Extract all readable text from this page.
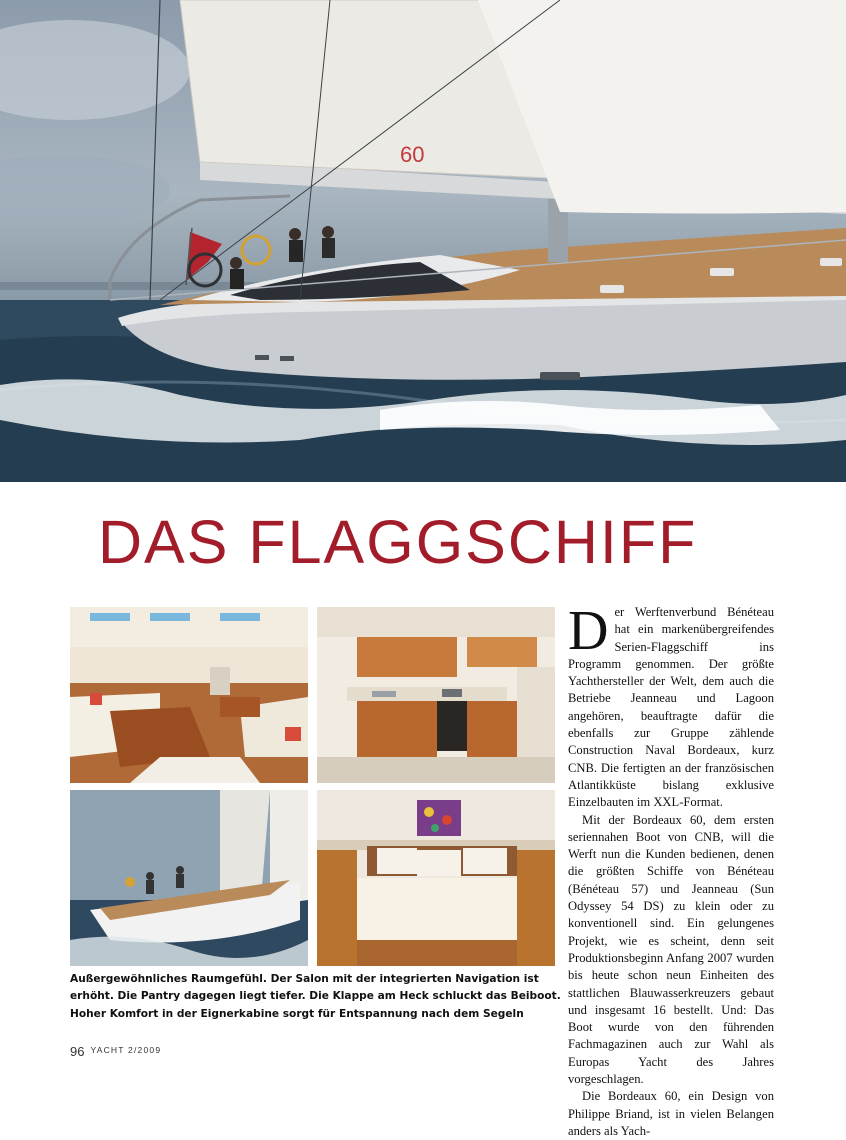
60
DAS FLAGGSCHIFF
Außergewöhnliches Raumgefühl. Der Salon mit der integrierten Navigation ist
erhöht. Die Pantry dagegen liegt tiefer. Die Klappe am Heck schluckt das Beiboot.
Hoher Komfort in der Eignerkabine sorgt für Entspannung nach dem Segeln

Der Werftenverbund Bénéteau hat ein markenübergreifendes Serien-Flaggschiff ins Programm genommen. Der größte Yachthersteller der Welt, dem auch die Betriebe Jeanneau und Lagoon angehören, beauftragte dafür die ebenfalls zur Gruppe zählende Construction Naval Bordeaux, kurz CNB. Die fertigten an der französischen Atlantikküste bislang exklusive Einzelbauten im XXL-Format.

Mit der Bordeaux 60, dem ersten seriennahen Boot von CNB, will die Werft nun die Kunden bedienen, denen die größten Schiffe von Bénéteau (Bénéteau 57) und Jeanneau (Sun Odyssey 54 DS) zu klein oder zu konventionell sind. Ein gelungenes Projekt, wie es scheint, denn seit Produktionsbeginn Anfang 2007 wurden bis heute schon neun Einheiten des stattlichen Blauwasserkreuzers gebaut und insgesamt 16 bestellt. Und: Das Boot wurde von den führenden Fachmagazinen auch zur Wahl als Europas Yacht des Jahres vorgeschlagen.

Die Bordeaux 60, ein Design von Philippe Briand, ist in vielen Belangen anders als Yach-

96 YACHT 2/2009
